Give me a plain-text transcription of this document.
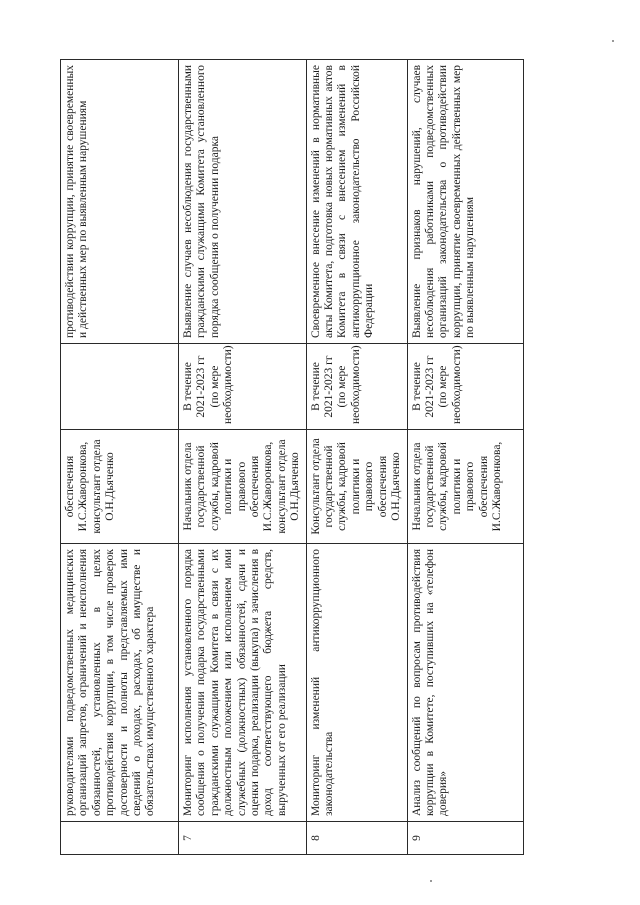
	руководителями подведомственных медицинских организаций запретов, ограничений и неисполнения обязанностей, установленных в целях противодействия коррупции, в том числе проверок достоверности и полноты представляемых ими сведений о доходах, расходах, об имуществе и обязательствах имущественного характера	обеспечения И.С.Жаворонкова, консультант отдела О.Н.Дьяченко		противодействии коррупции, принятие своевременных и действенных мер по выявленным нарушениям
7	Мониторинг исполнения установленного порядка сообщения о получении подарка государственными гражданскими служащими Комитета в связи с их должностным положением или исполнением ими служебных (должностных) обязанностей, сдачи и оценки подарка, реализации (выкупа) и зачисления в доход соответствующего бюджета средств, вырученных от его реализации	Начальник отдела государственной службы, кадровой политики и правового обеспечения И.С.Жаворонкова, консультант отдела О.Н.Дьяченко	В течение 2021-2023 гг (по мере необходимости)	Выявление случаев несоблюдения государственными гражданскими служащими Комитета установленного порядка сообщения о получении подарка
8	Мониторинг изменений антикоррупционного законодательства	Консультант отдела государственной службы, кадровой политики и правового обеспечения О.Н.Дьяченко	В течение 2021-2023 гг (по мере необходимости)	Своевременное внесение изменений в нормативные акты Комитета, подготовка новых нормативных актов Комитета в связи с внесением изменений в антикоррупционное законодательство Российской Федерации
9	Анализ сообщений по вопросам противодействия коррупции в Комитете, поступивших на «телефон доверия»	Начальник отдела государственной службы, кадровой политики и правового обеспечения И.С.Жаворонкова,	В течение 2021-2023 гг (по мере необходимости)	Выявление признаков нарушений, случаев несоблюдения работниками подведомственных организаций законодательства о противодействии коррупции, принятие своевременных действенных мер по выявленным нарушениям
